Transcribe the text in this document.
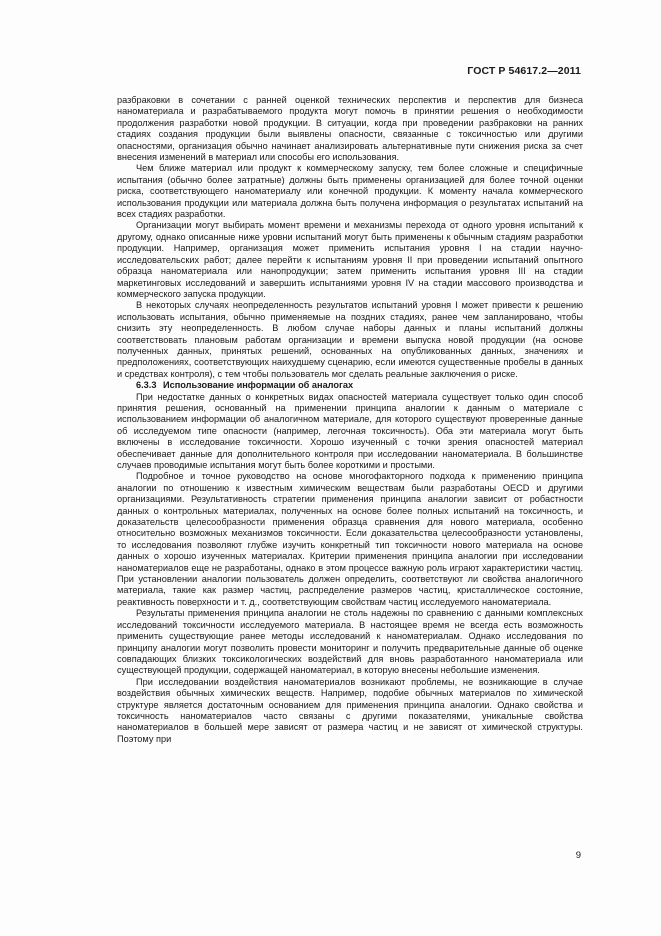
ГОСТ Р 54617.2—2011

разбраковки в сочетании с ранней оценкой технических перспектив и перспектив для бизнеса наноматериала и разрабатываемого продукта могут помочь в принятии решения о необходимости продолжения разработки новой продукции. В ситуации, когда при проведении разбраковки на ранних стадиях создания продукции были выявлены опасности, связанные с токсичностью или другими опасностями, организация обычно начинает анализировать альтернативные пути снижения риска за счет внесения изменений в материал или способы его использования.

Чем ближе материал или продукт к коммерческому запуску, тем более сложные и специфичные испытания (обычно более затратные) должны быть применены организацией для более точной оценки риска, соответствующего наноматериалу или конечной продукции. К моменту начала коммерческого использования продукции или материала должна быть получена информация о результатах испытаний на всех стадиях разработки.

Организации могут выбирать момент времени и механизмы перехода от одного уровня испытаний к другому, однако описанные ниже уровни испытаний могут быть применены к обычным стадиям разработки продукции. Например, организация может применить испытания уровня I на стадии научно-исследовательских работ; далее перейти к испытаниям уровня II при проведении испытаний опытного образца наноматериала или нанопродукции; затем применить испытания уровня III на стадии маркетинговых исследований и завершить испытаниями уровня IV на стадии массового производства и коммерческого запуска продукции.

В некоторых случаях неопределенность результатов испытаний уровня I может привести к решению использовать испытания, обычно применяемые на поздних стадиях, ранее чем запланировано, чтобы снизить эту неопределенность. В любом случае наборы данных и планы испытаний должны соответствовать плановым работам организации и времени выпуска новой продукции (на основе полученных данных, принятых решений, основанных на опубликованных данных, значениях и предположениях, соответствующих наихудшему сценарию, если имеются существенные пробелы в данных и средствах контроля), с тем чтобы пользователь мог сделать реальные заключения о риске.

6.3.3 Использование информации об аналогах

При недостатке данных о конкретных видах опасностей материала существует только один способ принятия решения, основанный на применении принципа аналогии к данным о материале с использованием информации об аналогичном материале, для которого существуют проверенные данные об исследуемом типе опасности (например, легочная токсичность). Оба эти материала могут быть включены в исследование токсичности. Хорошо изученный с точки зрения опасностей материал обеспечивает данные для дополнительного контроля при исследовании наноматериала. В большинстве случаев проводимые испытания могут быть более короткими и простыми.

Подробное и точное руководство на основе многофакторного подхода к применению принципа аналогии по отношению к известным химическим веществам были разработаны OECD и другими организациями. Результативность стратегии применения принципа аналогии зависит от робастности данных о контрольных материалах, полученных на основе более полных испытаний на токсичность, и доказательств целесообразности применения образца сравнения для нового материала, особенно относительно возможных механизмов токсичности. Если доказательства целесообразности установлены, то исследования позволяют глубже изучить конкретный тип токсичности нового материала на основе данных о хорошо изученных материалах. Критерии применения принципа аналогии при исследовании наноматериалов еще не разработаны, однако в этом процессе важную роль играют характеристики частиц. При установлении аналогии пользователь должен определить, соответствуют ли свойства аналогичного материала, такие как размер частиц, распределение размеров частиц, кристаллическое состояние, реактивность поверхности и т. д., соответствующим свойствам частиц исследуемого наноматериала.

Результаты применения принципа аналогии не столь надежны по сравнению с данными комплексных исследований токсичности исследуемого материала. В настоящее время не всегда есть возможность применить существующие ранее методы исследований к наноматериалам. Однако исследования по принципу аналогии могут позволить провести мониторинг и получить предварительные данные об оценке совпадающих близких токсикологических воздействий для вновь разработанного наноматериала или существующей продукции, содержащей наноматериал, в которую внесены небольшие изменения.

При исследовании воздействия наноматериалов возникают проблемы, не возникающие в случае воздействия обычных химических веществ. Например, подобие обычных материалов по химической структуре является достаточным основанием для применения принципа аналогии. Однако свойства и токсичность наноматериалов часто связаны с другими показателями, уникальные свойства наноматериалов в большей мере зависят от размера частиц и не зависят от химической структуры. Поэтому при

9
